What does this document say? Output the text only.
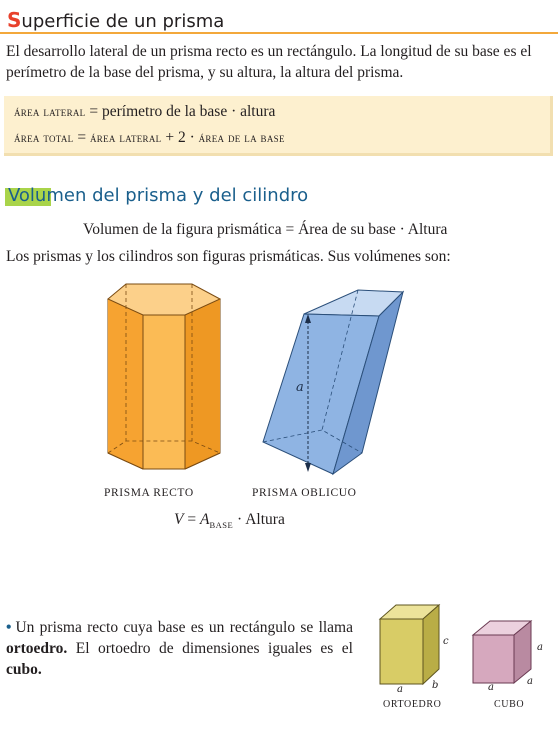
Superficie de un prisma
El desarrollo lateral de un prisma recto es un rectángulo. La longitud de su base es el perímetro de la base del prisma, y su altura, la altura del prisma.
área lateral = perímetro de la base · altura
área total = área lateral + 2 · área de la base
Volumen del prisma y del cilindro
Volumen de la figura prismática = Área de su base · Altura
Los prismas y los cilindros son figuras prismáticas. Sus volúmenes son:
a
PRISMA RECTO	PRISMA OBLICUO
$V = A_{BASE}$ · Altura
• Un prisma recto cuya base es un rectángulo se llama ortoedro. El ortoedro de dimensiones iguales es el cubo.
a	b
c
a
a
a
ORTOEDRO	CUBO
